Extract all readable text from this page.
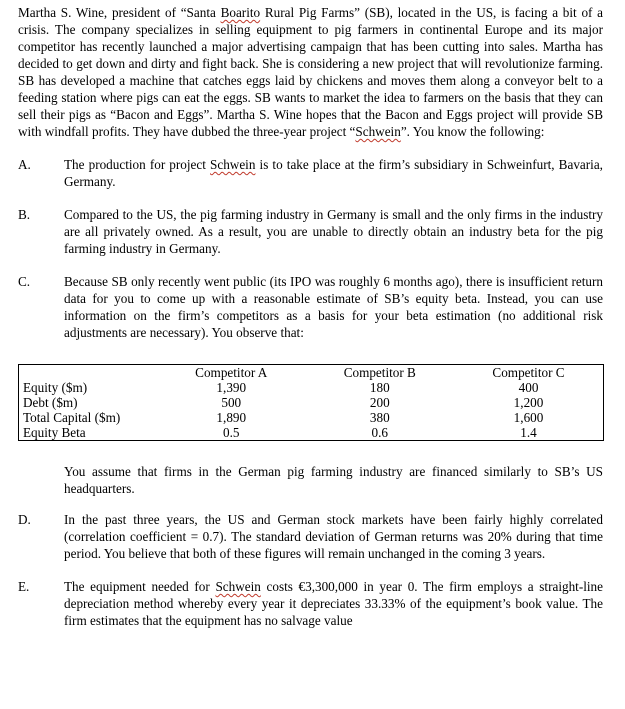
Martha S. Wine, president of “Santa Boarito Rural Pig Farms” (SB), located in the US, is facing a bit of a crisis. The company specializes in selling equipment to pig farmers in continental Europe and its major competitor has recently launched a major advertising campaign that has been cutting into sales. Martha has decided to get down and dirty and fight back. She is considering a new project that will revolutionize farming. SB has developed a machine that catches eggs laid by chickens and moves them along a conveyor belt to a feeding station where pigs can eat the eggs. SB wants to market the idea to farmers on the basis that they can sell their pigs as “Bacon and Eggs”. Martha S. Wine hopes that the Bacon and Eggs project will provide SB with windfall profits. They have dubbed the three-year project “Schwein”. You know the following:

A.	The production for project Schwein is to take place at the firm’s subsidiary in Schweinfurt, Bavaria, Germany.
B.	Compared to the US, the pig farming industry in Germany is small and the only firms in the industry are all privately owned. As a result, you are unable to directly obtain an industry beta for the pig farming industry in Germany.
C.	Because SB only recently went public (its IPO was roughly 6 months ago), there is insufficient return data for you to come up with a reasonable estimate of SB’s equity beta. Instead, you can use information on the firm’s competitors as a basis for your beta estimation (no additional risk adjustments are necessary). You observe that:
	Competitor A	Competitor B	Competitor C
Equity ($m)	1,390	180	400
Debt ($m)	500	200	1,200
Total Capital ($m)	1,890	380	1,600
Equity Beta	0.5	0.6	1.4

You assume that firms in the German pig farming industry are financed similarly to SB’s US headquarters.

D.	In the past three years, the US and German stock markets have been fairly highly correlated (correlation coefficient = 0.7). The standard deviation of German returns was 20% during that time period. You believe that both of these figures will remain unchanged in the coming 3 years.
E.	The equipment needed for Schwein costs €3,300,000 in year 0. The firm employs a straight-line depreciation method whereby every year it depreciates 33.33% of the equipment’s book value. The firm estimates that the equipment has no salvage value
